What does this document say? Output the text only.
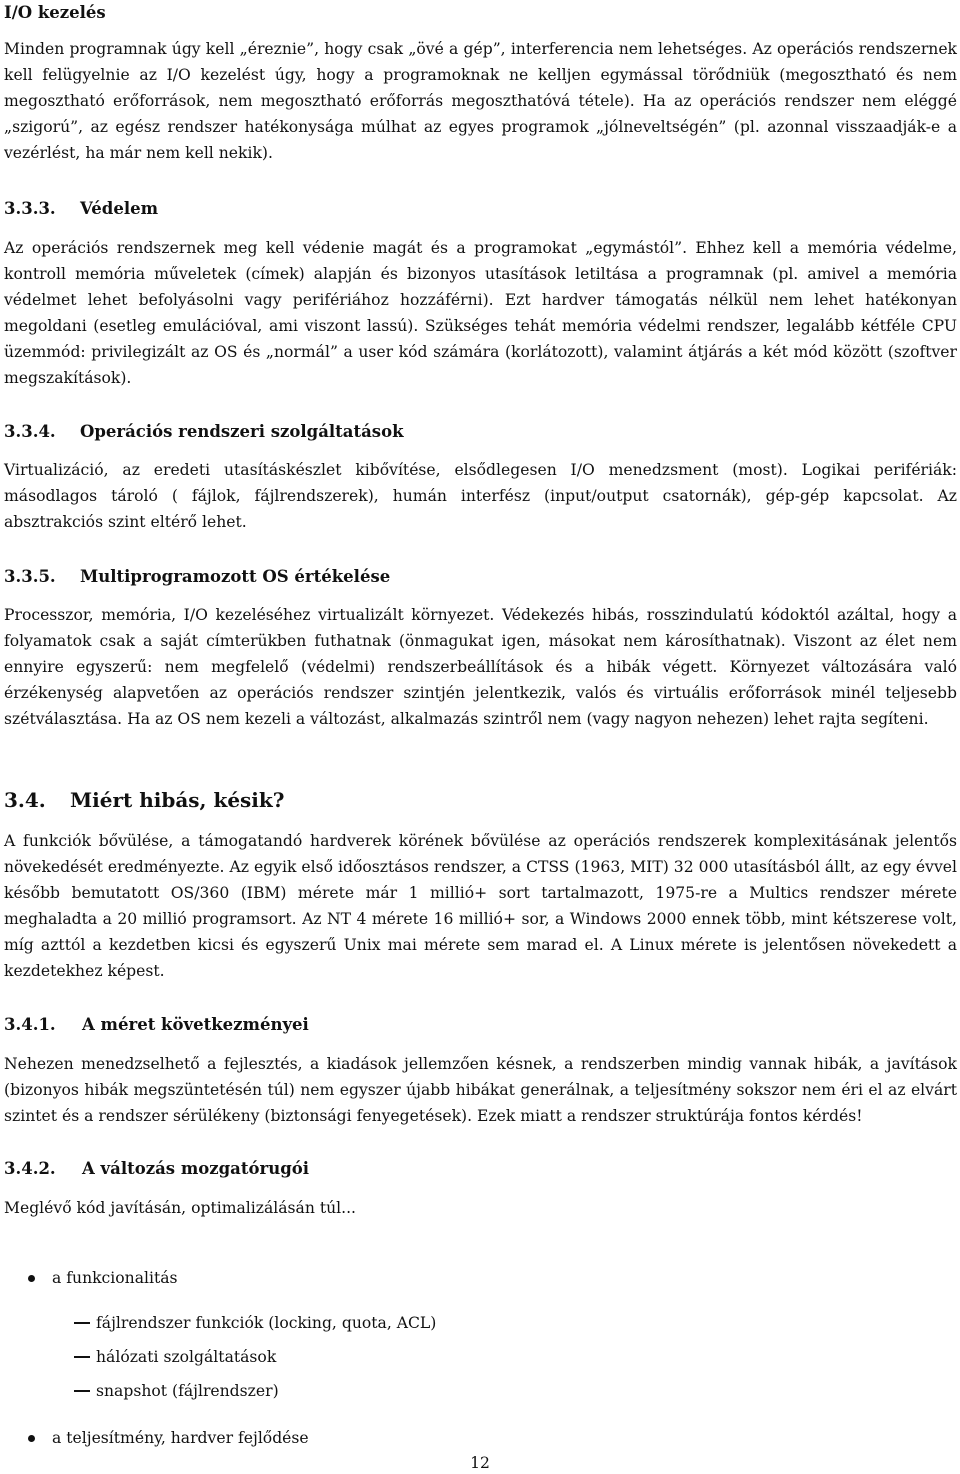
I/O kezelés

Minden programnak úgy kell „éreznie”, hogy csak „övé a gép”, interferencia nem lehetséges. Az operációs rendszernek kell felügyelnie az I/O kezelést úgy, hogy a programoknak ne kelljen egymással törődniük (megosztható és nem megosztható erőforrások, nem megosztható erőforrás megoszthatóvá tétele). Ha az operációs rendszer nem eléggé „szigorú”, az egész rendszer hatékonysága múlhat az egyes programok „jólneveltségén” (pl. azonnal visszaadják-e a vezérlést, ha már nem kell nekik).

3.3.3. Védelem

Az operációs rendszernek meg kell védenie magát és a programokat „egymástól”. Ehhez kell a memória védelme, kontroll memória műveletek (címek) alapján és bizonyos utasítások letiltása a programnak (pl. amivel a memória védelmet lehet befolyásolni vagy perifériához hozzáférni). Ezt hardver támogatás nélkül nem lehet hatékonyan megoldani (esetleg emulációval, ami viszont lassú). Szükséges tehát memória védelmi rendszer, legalább kétféle CPU üzemmód: privilegizált az OS és „normál” a user kód számára (korlátozott), valamint átjárás a két mód között (szoftver megszakítások).

3.3.4. Operációs rendszeri szolgáltatások

Virtualizáció, az eredeti utasításkészlet kibővítése, elsődlegesen I/O menedzsment (most). Logikai perifériák: másodlagos tároló ( fájlok, fájlrendszerek), humán interfész (input/output csatornák), gép-gép kapcsolat. Az absztrakciós szint eltérő lehet.

3.3.5. Multiprogramozott OS értékelése

Processzor, memória, I/O kezeléséhez virtualizált környezet. Védekezés hibás, rosszindulatú kódoktól azáltal, hogy a folyamatok csak a saját címterükben futhatnak (önmagukat igen, másokat nem károsíthatnak). Viszont az élet nem ennyire egyszerű: nem megfelelő (védelmi) rendszerbeállítások és a hibák végett. Környezet változására való érzékenység alapvetően az operációs rendszer szintjén jelentkezik, valós és virtuális erőforrások minél teljesebb szétválasztása. Ha az OS nem kezeli a változást, alkalmazás szintről nem (vagy nagyon nehezen) lehet rajta segíteni.

3.4. Miért hibás, késik?

A funkciók bővülése, a támogatandó hardverek körének bővülése az operációs rendszerek komplexitásának jelentős növekedését eredményezte. Az egyik első időosztásos rendszer, a CTSS (1963, MIT) 32 000 utasításból állt, az egy évvel később bemutatott OS/360 (IBM) mérete már 1 millió+ sort tartalmazott, 1975-re a Multics rendszer mérete meghaladta a 20 millió programsort. Az NT 4 mérete 16 millió+ sor, a Windows 2000 ennek több, mint kétszerese volt, míg azttól a kezdetben kicsi és egyszerű Unix mai mérete sem marad el. A Linux mérete is jelentősen növekedett a kezdetekhez képest.

3.4.1. A méret következményei

Nehezen menedzselhető a fejlesztés, a kiadások jellemzően késnek, a rendszerben mindig vannak hibák, a javítások (bizonyos hibák megszüntetésén túl) nem egyszer újabb hibákat generálnak, a teljesítmény sokszor nem éri el az elvárt szintet és a rendszer sérülékeny (biztonsági fenyegetések). Ezek miatt a rendszer struktúrája fontos kérdés!

3.4.2. A változás mozgatórugói

Meglévő kód javításán, optimalizálásán túl...

a funkcionalitás
fájlrendszer funkciók (locking, quota, ACL)
hálózati szolgáltatások
snapshot (fájlrendszer)
a teljesítmény, hardver fejlődése
12
